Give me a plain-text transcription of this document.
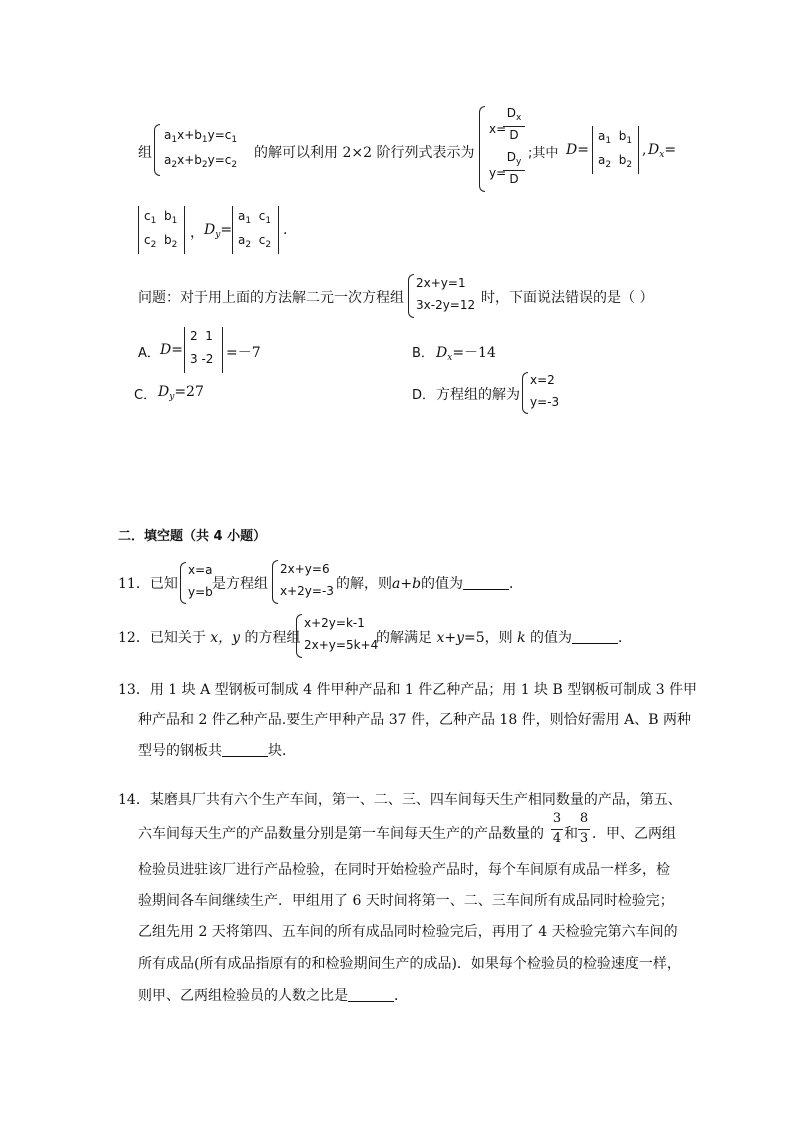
组
$a_1x+b_1y=c_1$
$a_2x+b_2y=c_2$
的解可以利用 2×2 阶行列式表示为
x=
$D_x$
D
y=
$D_y$
D
;其中 D=
$a_1$ $b_1$
$a_2$ $b_2$
, $D_x=$
$c_1$ $b_1$
$c_2$ $b_2$
， $D_y=$
$a_1$ $c_1$
$a_2$ $c_2$
.
问题：对于用上面的方法解二元一次方程组
2x+y=1
3x-2y=12 时，下面说法错误的是（ ）
A． D=
2 1
3 -2 =－7	B． $D_x=-14$
C． $D_y=27$	D． 方程组的解为
x=2
y=-3
二．填空题（共 4 小题）
11．已知
x=a
y=b 是方程组
2x+y=6
x+2y=-3 的解，则a+b的值为	．
12．已知关于 x，y 的方程组
x+2y=k-1
2x+y=5k+4
的解满足 x+y=5，则 k 的值为	．
13．用 1 块 A 型钢板可制成 4 件甲种产品和 1 件乙种产品；用 1 块 B 型钢板可制成 3 件甲
种产品和 2 件乙种产品.要生产甲种产品 37 件，乙种产品 18 件，则恰好需用 A、B 两种
型号的钢板共	块．
14．某磨具厂共有六个生产车间，第一、二、三、四车间每天生产相同数量的产品，第五、
六车间每天生产的产品数量分别是第一车间每天生产的产品数量的
3
4 和
8
3 ．甲、乙两组
检验员进驻该厂进行产品检验，在同时开始检验产品时，每个车间原有成品一样多，检
验期间各车间继续生产．甲组用了 6 天时间将第一、二、三车间所有成品同时检验完；
乙组先用 2 天将第四、五车间的所有成品同时检验完后，再用了 4 天检验完第六车间的
所有成品(所有成品指原有的和检验期间生产的成品)．如果每个检验员的检验速度一样，
则甲、乙两组检验员的人数之比是	．
